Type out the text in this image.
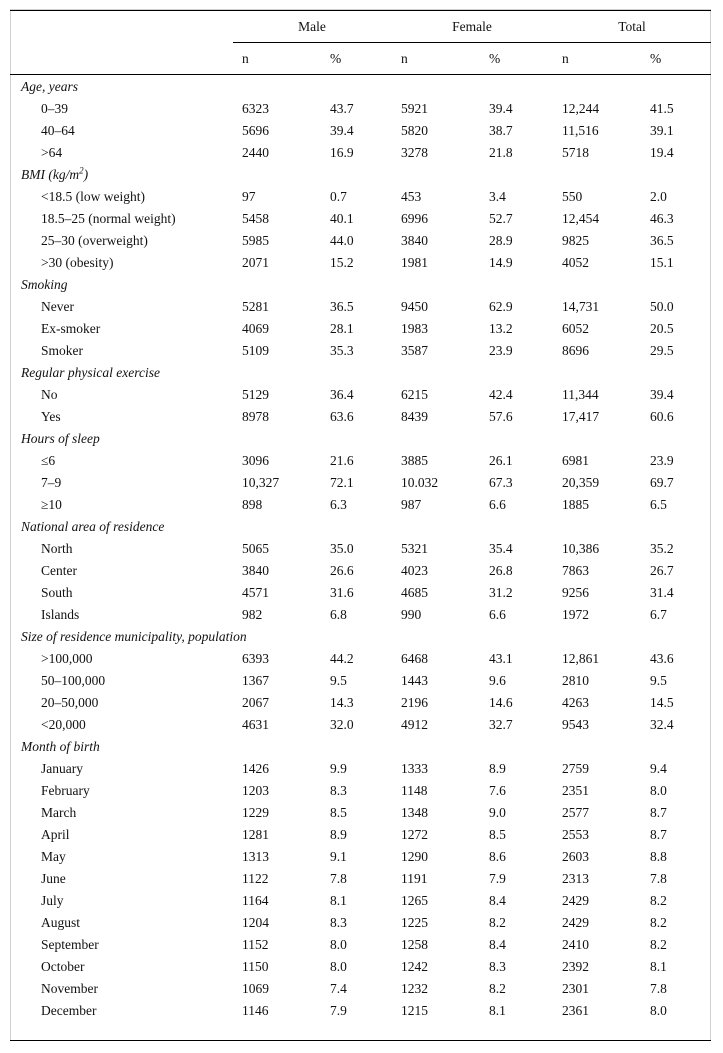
Male	Female	Total
n	%	n	%	n	%
Age, years
0–39	6323	43.7	5921	39.4	12,244	41.5
40–64	5696	39.4	5820	38.7	11,516	39.1
>64	2440	16.9	3278	21.8	5718	19.4
BMI $(kg/m^2)$
<18.5 (low weight)	97	0.7	453	3.4	550	2.0
18.5–25 (normal weight)	5458	40.1	6996	52.7	12,454	46.3
25–30 (overweight)	5985	44.0	3840	28.9	9825	36.5
>30 (obesity)	2071	15.2	1981	14.9	4052	15.1
Smoking
Never	5281	36.5	9450	62.9	14,731	50.0
Ex-smoker	4069	28.1	1983	13.2	6052	20.5
Smoker	5109	35.3	3587	23.9	8696	29.5
Regular physical exercise
No	5129	36.4	6215	42.4	11,344	39.4
Yes	8978	63.6	8439	57.6	17,417	60.6
Hours of sleep
≤6	3096	21.6	3885	26.1	6981	23.9
7–9	10,327	72.1	10.032	67.3	20,359	69.7
≥10	898	6.3	987	6.6	1885	6.5
National area of residence
North	5065	35.0	5321	35.4	10,386	35.2
Center	3840	26.6	4023	26.8	7863	26.7
South	4571	31.6	4685	31.2	9256	31.4
Islands	982	6.8	990	6.6	1972	6.7
Size of residence municipality, population
>100,000	6393	44.2	6468	43.1	12,861	43.6
50–100,000	1367	9.5	1443	9.6	2810	9.5
20–50,000	2067	14.3	2196	14.6	4263	14.5
<20,000	4631	32.0	4912	32.7	9543	32.4
Month of birth
January	1426	9.9	1333	8.9	2759	9.4
February	1203	8.3	1148	7.6	2351	8.0
March	1229	8.5	1348	9.0	2577	8.7
April	1281	8.9	1272	8.5	2553	8.7
May	1313	9.1	1290	8.6	2603	8.8
June	1122	7.8	1191	7.9	2313	7.8
July	1164	8.1	1265	8.4	2429	8.2
August	1204	8.3	1225	8.2	2429	8.2
September	1152	8.0	1258	8.4	2410	8.2
October	1150	8.0	1242	8.3	2392	8.1
November	1069	7.4	1232	8.2	2301	7.8
December	1146	7.9	1215	8.1	2361	8.0
